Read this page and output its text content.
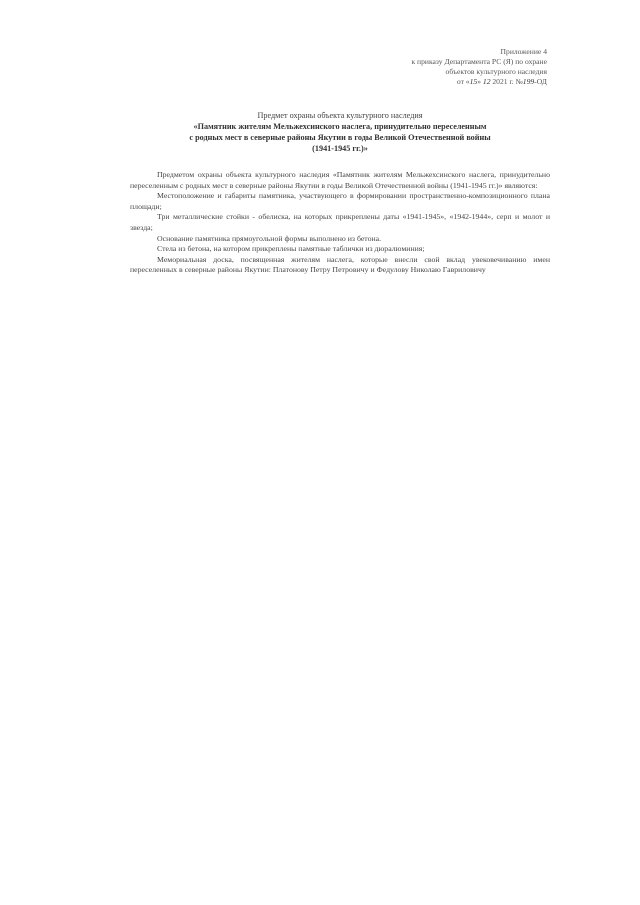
Приложение 4
к приказу Департамента РС (Я) по охране
объектов культурного наследия
от «15» 12 2021 г. №199-ОД
Предмет охраны объекта культурного наследия
«Памятник жителям Мельжехсинского наслега, принудительно переселенным
с родных мест в северные районы Якутии в годы Великой Отечественной войны
(1941-1945 гг.)»

Предметом охраны объекта культурного наследия «Памятник жителям Мельжехсинского наслега, принудительно переселенным с родных мест в северные районы Якутии в годы Великой Отечественной войны (1941-1945 гг.)» являются:

Местоположение и габариты памятника, участвующего в формировании пространственно-композиционного плана площади;

Три металлические стойки - обелиска, на которых прикреплены даты «1941-1945», «1942-1944», серп и молот и звезда;

Основание памятника прямоугольной формы выполнено из бетона.

Стела из бетона, на котором прикреплены памятные таблички из дюралюминия;

Мемориальная доска, посвященная жителям наслега, которые внесли свой вклад увековечиванию имен переселенных в северные районы Якутии: Платонову Петру Петровичу и Федулову Николаю Гавриловичу
